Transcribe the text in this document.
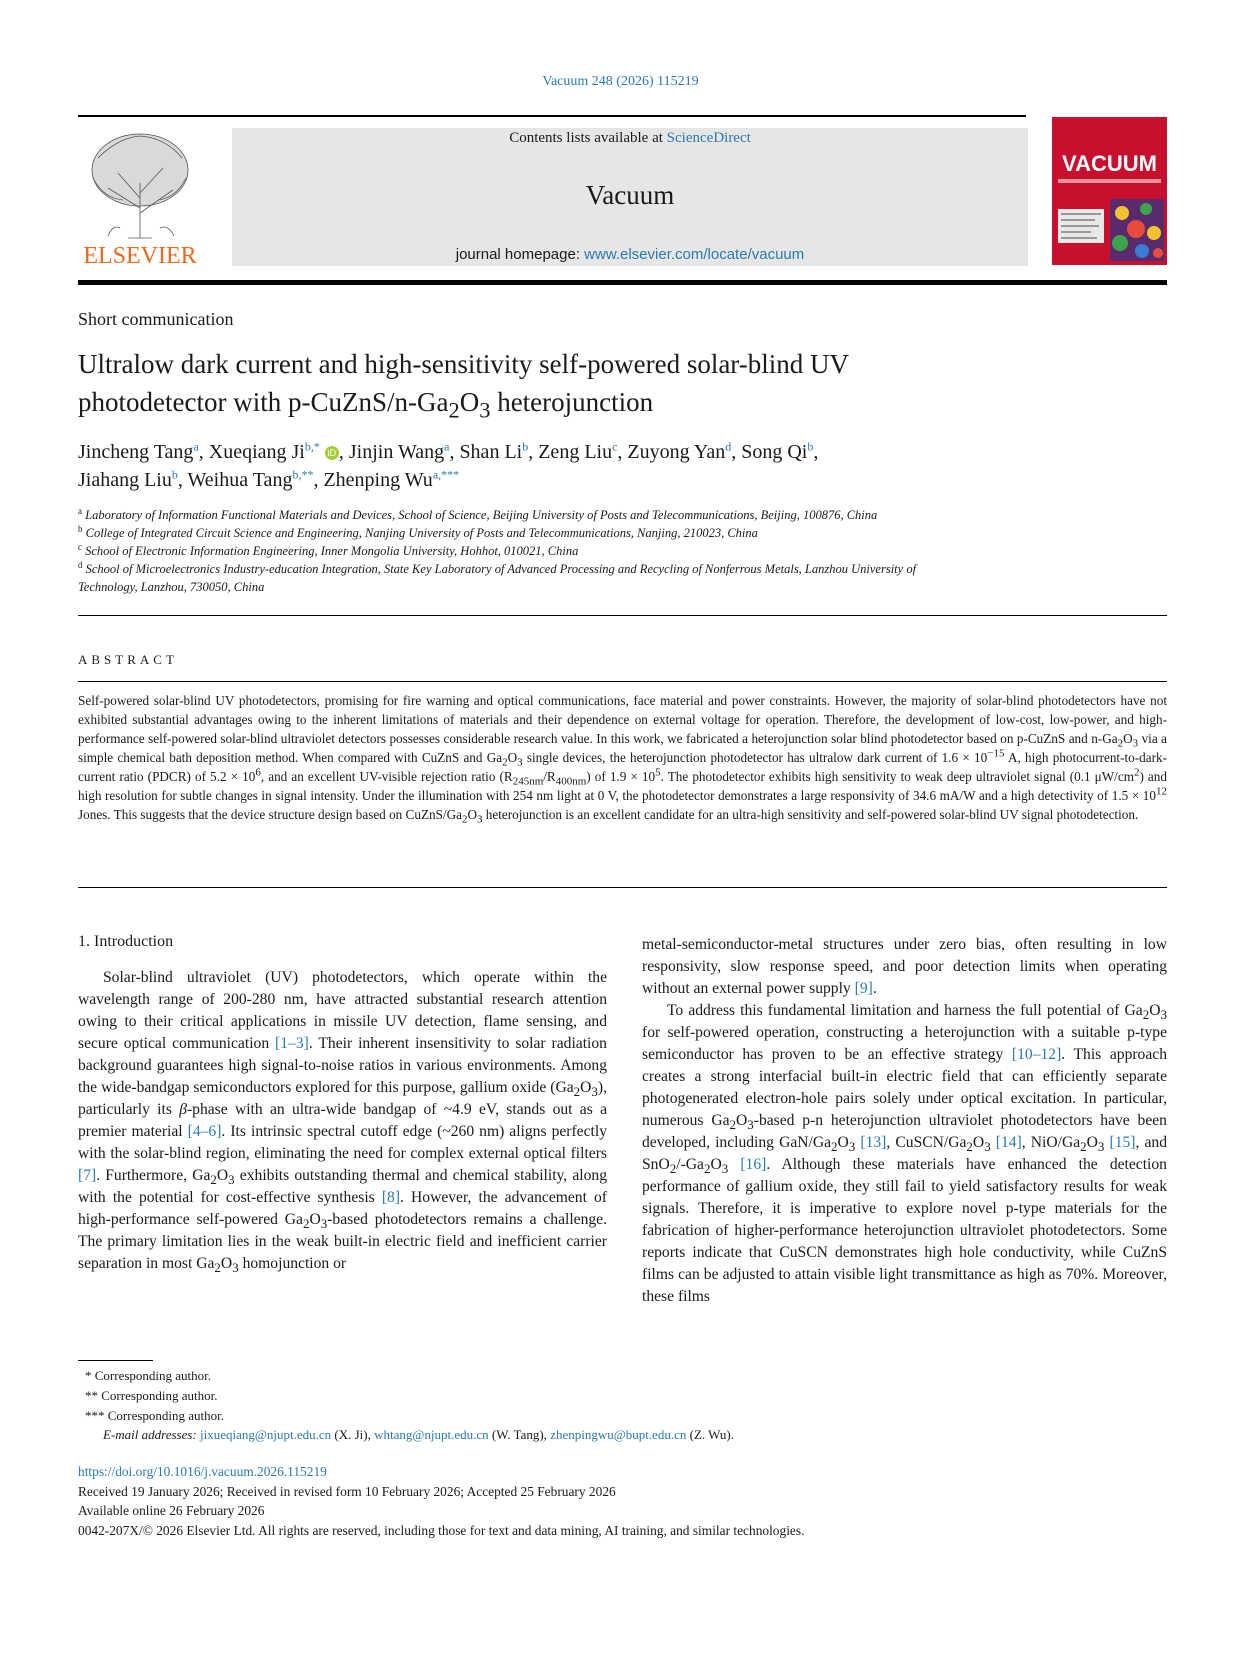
Vacuum 248 (2026) 115219
ELSEVIER
Contents lists available at ScienceDirect
Vacuum
journal homepage: www.elsevier.com/locate/vacuum
VACUUM
Short communication
Ultralow dark current and high-sensitivity self-powered solar-blind UV
photodetector with $p-CuZnS/n-Ga_2O_3$ heterojunction
Jincheng Tang$^a$, Xueqiang $Ji^{b,*}$ iD , Jinjin Wang$^a$, Shan Li$^b$, Zeng Liu$^c$, Zuyong Yan$^d$, Song Qi$^b$,
Jiahang Liu$^b$, Weihua Tang$^{b,**}$, Zhenping $Wu^{a,***}$
$^a$ Laboratory of Information Functional Materials and Devices, School of Science, Beijing University of Posts and Telecommunications, Beijing, 100876, China
$^b$ College of Integrated Circuit Science and Engineering, Nanjing University of Posts and Telecommunications, Nanjing, 210023, China
$^c$ School of Electronic Information Engineering, Inner Mongolia University, Hohhot, 010021, China
$^d$ School of Microelectronics Industry-education Integration, State Key Laboratory of Advanced Processing and Recycling of Nonferrous Metals, Lanzhou University of
Technology, Lanzhou, 730050, China
ABSTRACT
Self-powered solar-blind UV photodetectors, promising for fire warning and optical communications, face material and power constraints. However, the majority of solar-blind photodetectors have not exhibited substantial advantages owing to the inherent limitations of materials and their dependence on external voltage for operation. Therefore, the development of low-cost, low-power, and high-performance self-powered solar-blind ultraviolet detectors possesses considerable research value. In this work, we fabricated a heterojunction solar blind photodetector based on p-CuZnS and $n-Ga_2O_3$ via a simple chemical bath deposition method. When compared with CuZnS and $Ga_2O_3$ single devices, the heterojunction photodetector has ultralow dark current of $1.6 \times 10^{-15}$ A, high photocurrent-to-dark-current ratio (PDCR) of $5.2 \times 10^6$, and an excellent UV-visible rejection ratio $(R_{245nm}/R_{400nm})$ of $1.9 \times 10^5$. The photodetector exhibits high sensitivity to weak deep ultraviolet signal (0.1 $\mu W/cm^2$) and high resolution for subtle changes in signal intensity. Under the illumination with 254 nm light at 0 V, the photodetector demonstrates a large responsivity of 34.6 mA/W and a high detectivity of $1.5 \times 10^{12}$ Jones. This suggests that the device structure design based on CuZnS/$Ga_2O_3$ heterojunction is an excellent candidate for an ultra-high sensitivity and self-powered solar-blind UV signal photodetection.
1. Introduction

Solar-blind ultraviolet (UV) photodetectors, which operate within the wavelength range of 200-280 nm, have attracted substantial research attention owing to their critical applications in missile UV detection, flame sensing, and secure optical communication [1–3]. Their inherent insensitivity to solar radiation background guarantees high signal-to-noise ratios in various environments. Among the wide-bandgap semiconductors explored for this purpose, gallium oxide $(Ga_2O_3)$, particularly its β-phase with an ultra-wide bandgap of ~4.9 eV, stands out as a premier material [4–6]. Its intrinsic spectral cutoff edge (~260 nm) aligns perfectly with the solar-blind region, eliminating the need for complex external optical filters [7]. Furthermore, $Ga_2O_3$ exhibits outstanding thermal and chemical stability, along with the potential for cost-effective synthesis [8]. However, the advancement of high-performance self-powered $Ga_2O_3$-based photodetectors remains a challenge. The primary limitation lies in the weak built-in electric field and inefficient carrier separation in most $Ga_2O_3$ homojunction or

metal-semiconductor-metal structures under zero bias, often resulting in low responsivity, slow response speed, and poor detection limits when operating without an external power supply [9].

To address this fundamental limitation and harness the full potential of $Ga_2O_3$ for self-powered operation, constructing a heterojunction with a suitable p-type semiconductor has proven to be an effective strategy [10–12]. This approach creates a strong interfacial built-in electric field that can efficiently separate photogenerated electron-hole pairs solely under optical excitation. In particular, numerous $Ga_2O_3$-based p-n heterojunction ultraviolet photodetectors have been developed, including GaN/$Ga_2O_3$ [13], CuSCN/$Ga_2O_3$ [14], NiO/$Ga_2O_3$ [15], and $SnO_2/-Ga_2O_3$ [16]. Although these materials have enhanced the detection performance of gallium oxide, they still fail to yield satisfactory results for weak signals. Therefore, it is imperative to explore novel p-type materials for the fabrication of higher-performance heterojunction ultraviolet photodetectors. Some reports indicate that CuSCN demonstrates high hole conductivity, while CuZnS films can be adjusted to attain visible light transmittance as high as 70%. Moreover, these films

* Corresponding author.
** Corresponding author.
*** Corresponding author.
E-mail addresses: jixueqiang@njupt.edu.cn (X. Ji), whtang@njupt.edu.cn (W. Tang), zhenpingwu@bupt.edu.cn (Z. Wu).
https://doi.org/10.1016/j.vacuum.2026.115219
Received 19 January 2026; Received in revised form 10 February 2026; Accepted 25 February 2026
Available online 26 February 2026
0042-207X/© 2026 Elsevier Ltd. All rights are reserved, including those for text and data mining, AI training, and similar technologies.
